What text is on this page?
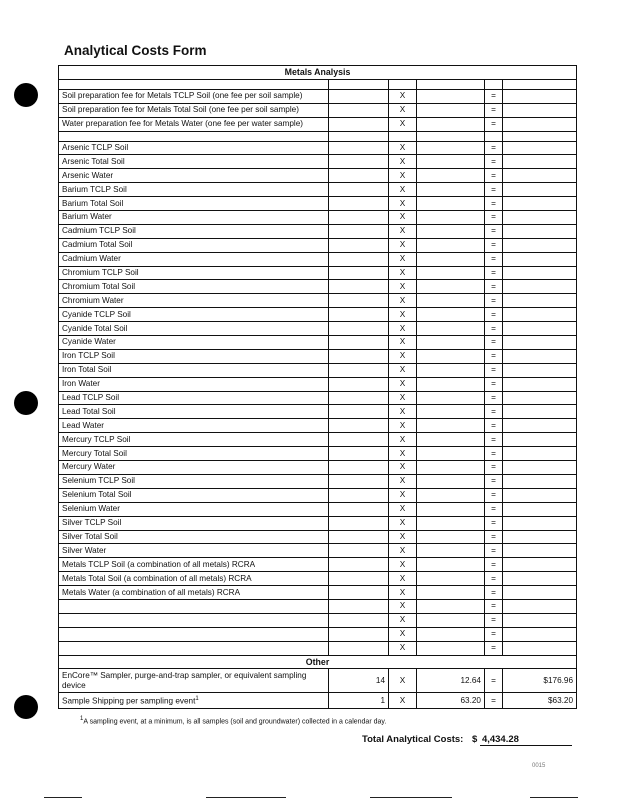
Analytical Costs Form
Metals Analysis					

Soil preparation fee for Metals TCLP Soil (one fee per soil sample)		X		=	
Soil preparation fee for Metals Total Soil (one fee per soil sample)		X		=	
Water preparation fee for Metals Water (one fee per water sample)		X		=	

Arsenic TCLP Soil		X		=	
Arsenic Total Soil		X		=	
Arsenic Water		X		=	
Barium TCLP Soil		X		=	
Barium Total Soil		X		=	
Barium Water		X		=	
Cadmium TCLP Soil		X		=	
Cadmium Total Soil		X		=	
Cadmium Water		X		=	
Chromium TCLP Soil		X		=	
Chromium Total Soil		X		=	
Chromium Water		X		=	
Cyanide TCLP Soil		X		=	
Cyanide Total Soil		X		=	
Cyanide Water		X		=	
Iron TCLP Soil		X		=	
Iron Total Soil		X		=	
Iron Water		X		=	
Lead TCLP Soil		X		=	
Lead Total Soil		X		=	
Lead Water		X		=	
Mercury TCLP Soil		X		=	
Mercury Total Soil		X		=	
Mercury Water		X		=	
Selenium TCLP Soil		X		=	
Selenium Total Soil		X		=	
Selenium Water		X		=	
Silver TCLP Soil		X		=	
Silver Total Soil		X		=	
Silver Water		X		=	
Metals TCLP Soil (a combination of all metals) RCRA		X		=	
Metals Total Soil (a combination of all metals) RCRA		X		=	
Metals Water (a combination of all metals) RCRA		X		=	
		X		=	
		X		=	
		X		=	
		X		=	
Other					
EnCore™ Sampler, purge-and-trap sampler, or equivalent sampling device	14	X	12.64	=	$176.96
Sample Shipping per sampling event$^1$	1	X	63.20	=	$63.20
1A sampling event, at a minimum, is all samples (soil and groundwater) collected in a calendar day.
Total Analytical Costs: $ 4,434.28
0015
